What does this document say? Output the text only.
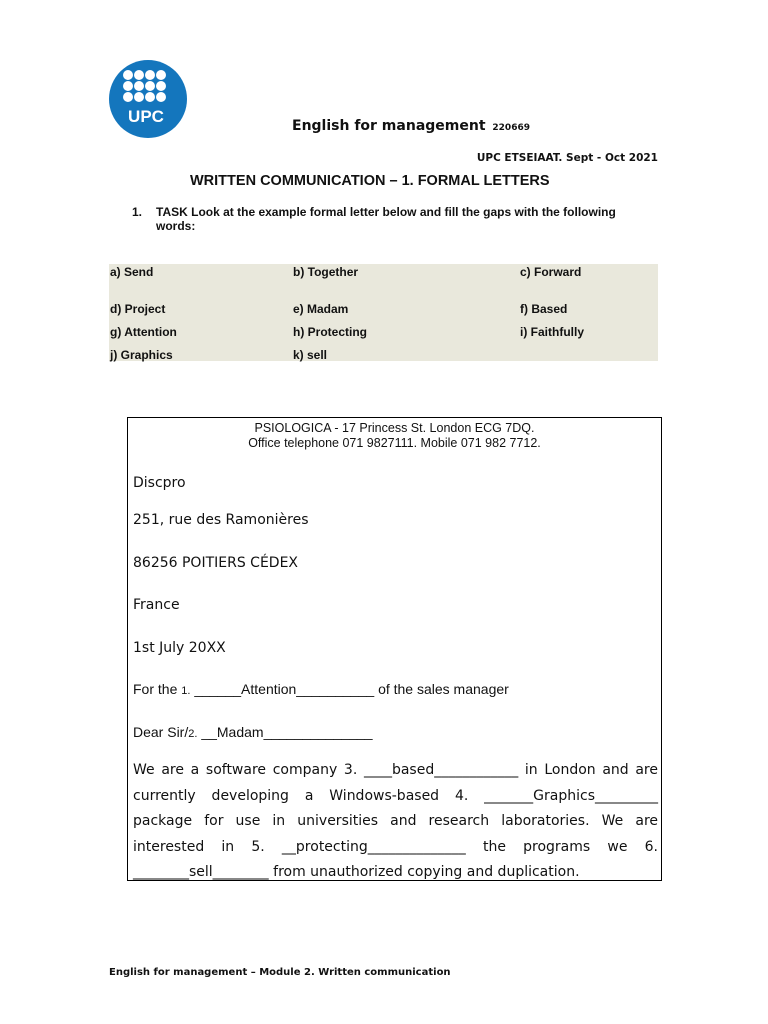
UPC	English for management 220669
UPC ETSEIAAT. Sept - Oct 2021
WRITTEN COMMUNICATION – 1. FORMAL LETTERS
1.	TASK Look at the example formal letter below and fill the gaps with the following words:
a) Send	b) Together	c) Forward
d) Project	e) Madam	f) Based
g) Attention	h) Protecting	i) Faithfully
j) Graphics	k) sell
PSIOLOGICA - 17 Princess St. London ECG 7DQ.
Office telephone 071 9827111. Mobile 071 982 7712.
Discpro
251, rue des Ramonières
86256 POITIERS CÉDEX
France
1st July 20XX
For the 1. ______Attention__________ of the sales manager
Dear Sir/2. __Madam______________
We are a software company 3. ____based____________ in London and are
currently developing a Windows-based 4. _______Graphics_________
package for use in universities and research laboratories. We are
interested in 5. __protecting______________ the programs we 6.
________sell________ from unauthorized copying and duplication.
English for management – Module 2. Written communication
